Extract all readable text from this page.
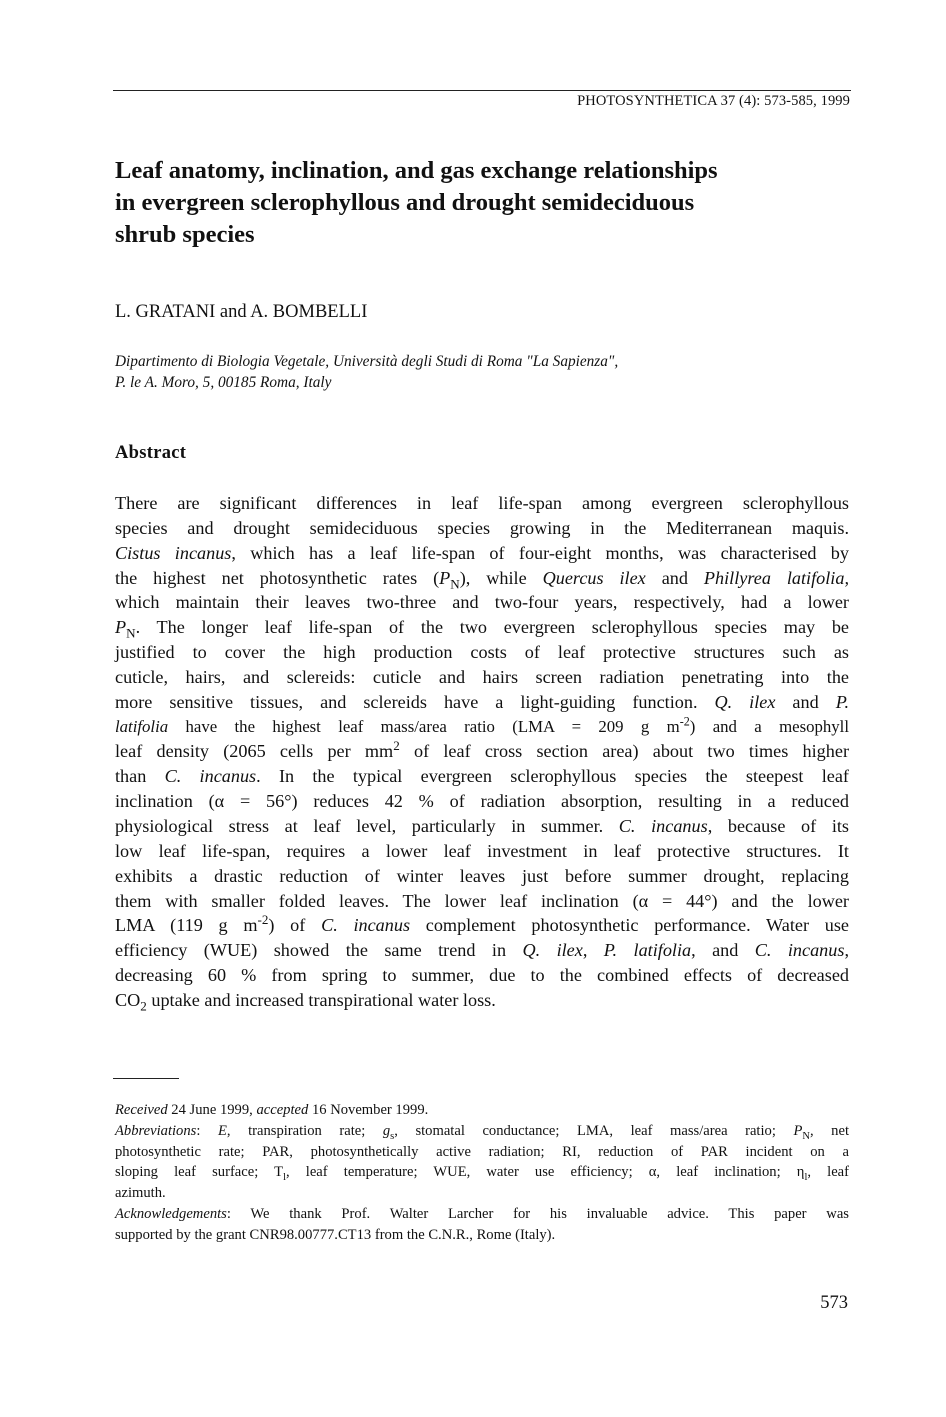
PHOTOSYNTHETICA 37 (4): 573-585, 1999
Leaf anatomy, inclination, and gas exchange relationships
in evergreen sclerophyllous and drought semideciduous
shrub species
L. GRATANI and A. BOMBELLI
Dipartimento di Biologia Vegetale, Università degli Studi di Roma "La Sapienza",
P. le A. Moro, 5, 00185 Roma, Italy
Abstract
There are significant differences in leaf life-span among evergreen sclerophyllous
species and drought semideciduous species growing in the Mediterranean maquis.
Cistus incanus, which has a leaf life-span of four-eight months, was characterised by
the highest net photosynthetic rates $(P_N)$, while Quercus ilex and Phillyrea latifolia,
which maintain their leaves two-three and two-four years, respectively, had a lower
$P_N$. The longer leaf life-span of the two evergreen sclerophyllous species may be
justified to cover the high production costs of leaf protective structures such as
cuticle, hairs, and sclereids: cuticle and hairs screen radiation penetrating into the
more sensitive tissues, and sclereids have a light-guiding function. Q. ilex and P.
latifolia have the highest leaf mass/area ratio (LMA = 209 g $m^{-2}$) and a mesophyll
leaf density (2065 cells per $mm^2$ of leaf cross section area) about two times higher
than C. incanus. In the typical evergreen sclerophyllous species the steepest leaf
inclination (α = 56°) reduces 42 % of radiation absorption, resulting in a reduced
physiological stress at leaf level, particularly in summer. C. incanus, because of its
low leaf life-span, requires a lower leaf investment in leaf protective structures. It
exhibits a drastic reduction of winter leaves just before summer drought, replacing
them with smaller folded leaves. The lower leaf inclination (α = 44°) and the lower
LMA (119 g $m^{-2}$) of C. incanus complement photosynthetic performance. Water use
efficiency (WUE) showed the same trend in Q. ilex, P. latifolia, and C. incanus,
decreasing 60 % from spring to summer, due to the combined effects of decreased
$CO_2$ uptake and increased transpirational water loss.
Received 24 June 1999, accepted 16 November 1999.
Abbreviations: E, transpiration rate; $g_s$, stomatal conductance; LMA, leaf mass/area ratio; $P_N$, net
photosynthetic rate; PAR, photosynthetically active radiation; RI, reduction of PAR incident on a
sloping leaf surface; $T_l$, leaf temperature; WUE, water use efficiency; α, leaf inclination; $\eta_l$, leaf
azimuth.
Acknowledgements: We thank Prof. Walter Larcher for his invaluable advice. This paper was
supported by the grant CNR98.00777.CT13 from the C.N.R., Rome (Italy).
573
